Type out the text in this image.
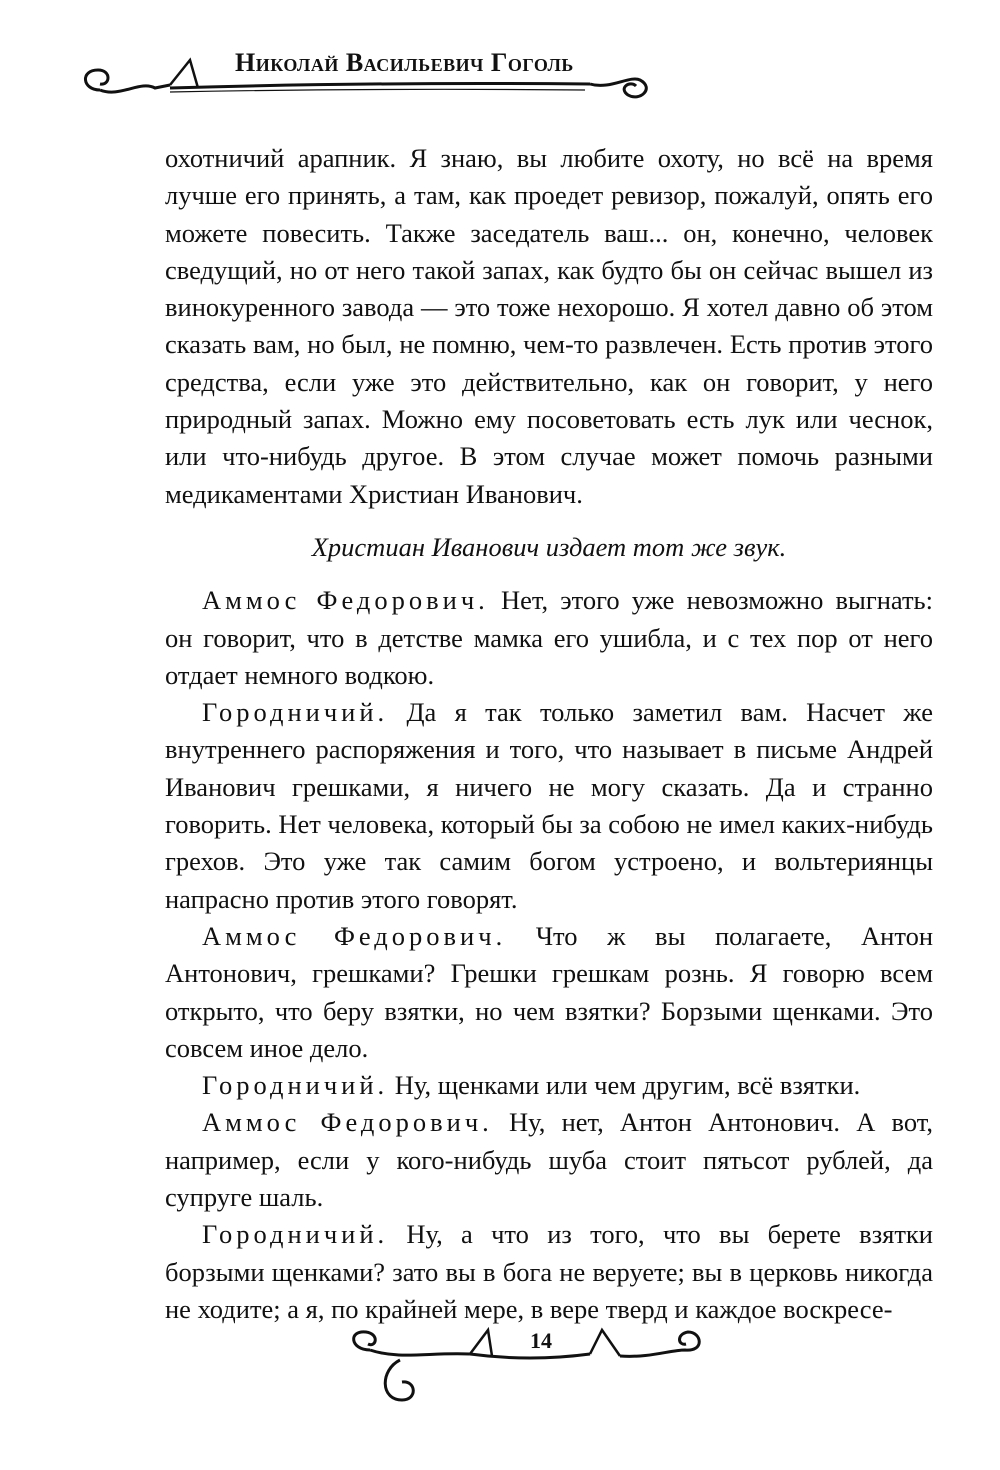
Николай Васильевич Гоголь

охотничий арапник. Я знаю, вы любите охоту, но всё на время лучше его принять, а там, как проедет ревизор, пожалуй, опять его можете повесить. Также заседатель ваш... он, конечно, человек сведущий, но от него такой запах, как будто бы он сейчас вышел из винокуренного завода — это тоже нехорошо. Я хотел давно об этом сказать вам, но был, не помню, чем-то развлечен. Есть против этого средства, если уже это действительно, как он говорит, у него природный запах. Можно ему посоветовать есть лук или чеснок, или что-нибудь другое. В этом случае может помочь разными медикаментами Христиан Иванович.

Христиан Иванович издает тот же звук.

Аммос Федорович. Нет, этого уже невозможно выгнать: он говорит, что в детстве мамка его ушибла, и с тех пор от него отдает немного водкою.

Городничий. Да я так только заметил вам. Насчет же внутреннего распоряжения и того, что называет в письме Андрей Иванович грешками, я ничего не могу сказать. Да и странно говорить. Нет человека, который бы за собою не имел каких-нибудь грехов. Это уже так самим богом устроено, и вольтериянцы напрасно против этого говорят.

Аммос Федорович. Что ж вы полагаете, Антон Антонович, грешками? Грешки грешкам рознь. Я говорю всем открыто, что беру взятки, но чем взятки? Борзыми щенками. Это совсем иное дело.

Городничий. Ну, щенками или чем другим, всё взятки.

Аммос Федорович. Ну, нет, Антон Антонович. А вот, например, если у кого-нибудь шуба стоит пятьсот рублей, да супруге шаль.

Городничий. Ну, а что из того, что вы берете взятки борзыми щенками? зато вы в бога не веруете; вы в церковь никогда не ходите; а я, по крайней мере, в вере тверд и каждое воскресе-

14
